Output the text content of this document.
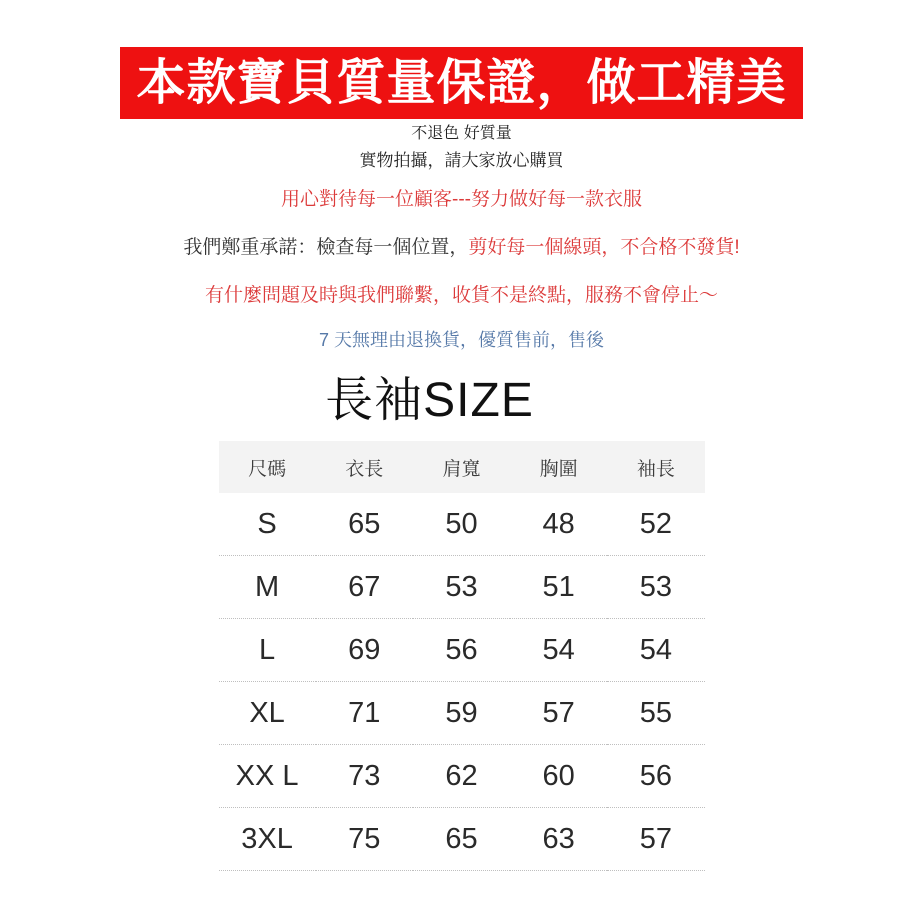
本款寶貝質量保證，做工精美

不退色 好質量

實物拍攝，請大家放心購買

用心對待每一位顧客---努力做好每一款衣服

我們鄭重承諾：檢查每一個位置，剪好每一個線頭，不合格不發貨!

有什麼問題及時與我們聯繫，收貨不是終點，服務不會停止～

7 天無理由退換貨，優質售前，售後

長袖SIZE
尺碼	衣長	肩寬	胸圍	袖長
S	65	50	48	52
M	67	53	51	53
L	69	56	54	54
XL	71	59	57	55
XX L	73	62	60	56
3XL	75	65	63	57
